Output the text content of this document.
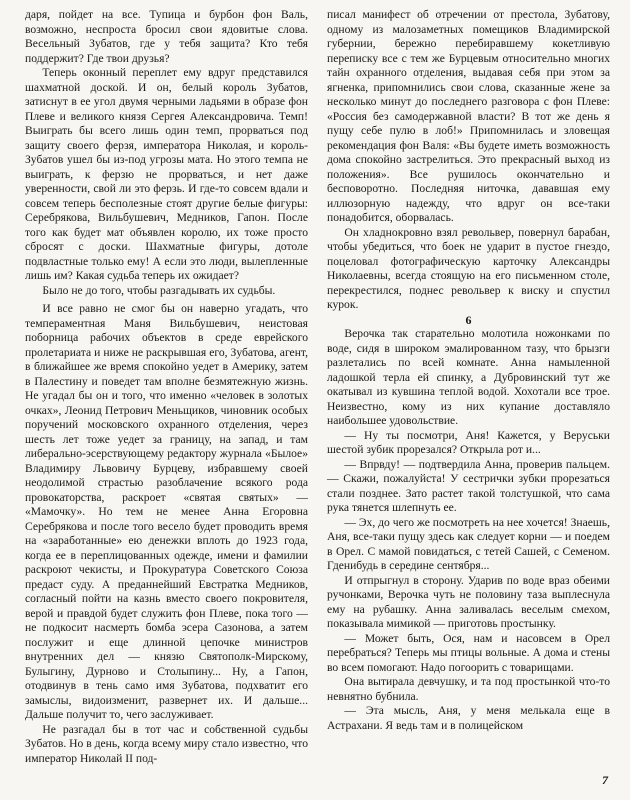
даря, пойдет на все. Тупица и бурбон фон Валь, возможно, неспроста бросил свои ядовитые слова. Весельный Зубатов, где у тебя защита? Кто тебя поддержит? Где твои друзья?

Теперь оконный переплет ему вдруг представился шахматной доской. И он, белый король Зубатов, затиснут в ее угол двумя черными ладьями в образе фон Плеве и великого князя Сергея Александровича. Темп! Выиграть бы всего лишь один темп, прорваться под защиту своего ферзя, императора Николая, и король-Зубатов ушел бы из-под угрозы мата. Но этого темпа не выиграть, к ферзю не прорваться, и нет даже уверенности, свой ли это ферзь. И где-то совсем вдали и совсем теперь бесполезные стоят другие белые фигуры: Серебрякова, Вильбушевич, Медников, Гапон. После того как будет мат объявлен королю, их тоже просто сбросят с доски. Шахматные фигуры, дотоле подвластные только ему! А если это люди, вылепленные лишь им? Какая судьба теперь их ожидает?

Было не до того, чтобы разгадывать их судьбы.

И все равно не смог бы он наверно угадать, что темпераментная Маня Вильбушевич, неистовая поборница рабочих объектов в среде еврейского пролетариата и ниже не раскрывшая его, Зубатова, агент, в ближайшее же время спокойно уедет в Америку, затем в Палестину и поведет там вполне безмятежную жизнь. Не угадал бы он и того, что именно «человек в золотых очках», Леонид Петрович Меньщиков, чиновник особых поручений московского охранного отделения, через шесть лет тоже уедет за границу, на запад, и там либерально-эсерствующему редактору журнала «Былое» Владимиру Львовичу Бурцеву, избравшему своей неодолимой страстью разоблачение всякого рода провокаторства, раскроет «святая святых» — «Мамочку». Но тем не менее Анна Егоровна Серебрякова и после того весело будет проводить время на «заработанные» ею денежки вплоть до 1923 года, когда ее в переплицованных одежде, имени и фамилии раскроют чекисты, и Прокуратура Советского Союза предаст суду. А преданнейший Евстратка Медников, согласный пойти на казнь вместо своего покровителя, верой и правдой будет служить фон Плеве, пока того — не подкосит насмерть бомба эсера Сазонова, а затем послужит и еще длинной цепочке министров внутренних дел — князю Святополк-Мирскому, Булыгину, Дурново и Столыпину... Ну, а Гапон, отодвинув в тень само имя Зубатова, подхватит его замыслы, видоизменит, развернет их. И дальше... Дальше получит то, чего заслуживает.

Не разгадал бы в тот час и собственной судьбы Зубатов. Но в день, когда всему миру стало известно, что император Николай II под-

писал манифест об отречении от престола, Зубатову, одному из малозаметных помещиков Владимирской губернии, бережно перебиравшему кокетливую переписку все с тем же Бурцевым относительно многих тайн охранного отделения, выдавая себя при этом за ягненка, припомнились свои слова, сказанные жене за несколько минут до последнего разговора с фон Плеве: «Россия без самодержавной власти? В тот же день я пущу себе пулю в лоб!» Припомнилась и зловещая рекомендация фон Валя: «Вы будете иметь возможность дома спокойно застрелиться. Это прекрасный выход из положения». Все рушилось окончательно и бесповоротно. Последняя ниточка, дававшая ему иллюзорную надежду, что вдруг он все-таки понадобится, оборвалась.

Он хладнокровно взял револьвер, повернул барабан, чтобы убедиться, что боек не ударит в пустое гнездо, поцеловал фотографическую карточку Александры Николаевны, всегда стоящую на его письменном столе, перекрестился, поднес револьвер к виску и спустил курок.

6

Верочка так старательно молотила ножонками по воде, сидя в широком эмалированном тазу, что брызги разлетались по всей комнате. Анна намыленной ладошкой терла ей спинку, а Дубровинский тут же окатывал из кувшина теплой водой. Хохотали все трое. Неизвестно, кому из них купание доставляло наибольшее удовольствие.

— Ну ты посмотри, Аня! Кажется, у Веруськи шестой зубик прорезался? Открыла рот и...

— Впрвду! — подтвердила Анна, проверив пальцем. — Скажи, пожалуйста! У сестрички зубки прорезаться стали позднее. Зато растет такой толстушкой, что сама рука тянется шлепнуть ее.

— Эх, до чего же посмотреть на нее хочется! Знаешь, Аня, все-таки пущу здесь как следует корни — и поедем в Орел. С мамой повидаться, с тетей Сашей, с Семеном. Гденибудь в середине сентября...

И отпрыгнул в сторону. Ударив по воде враз обеими ручонками, Верочка чуть не половину таза выплеснула ему на рубашку. Анна заливалась веселым смехом, показывала мимикой — приготовь простынку.

— Может быть, Ося, нам и насовсем в Орел перебраться? Теперь мы птицы вольные. А дома и стены во всем помогают. Надо погоорить с товарищами.

Она вытирала девчушку, и та под простынкой что-то невнятно бубнила.

— Эта мысль, Аня, у меня мелькала еще в Астрахани. Я ведь там и в полицейском

7
